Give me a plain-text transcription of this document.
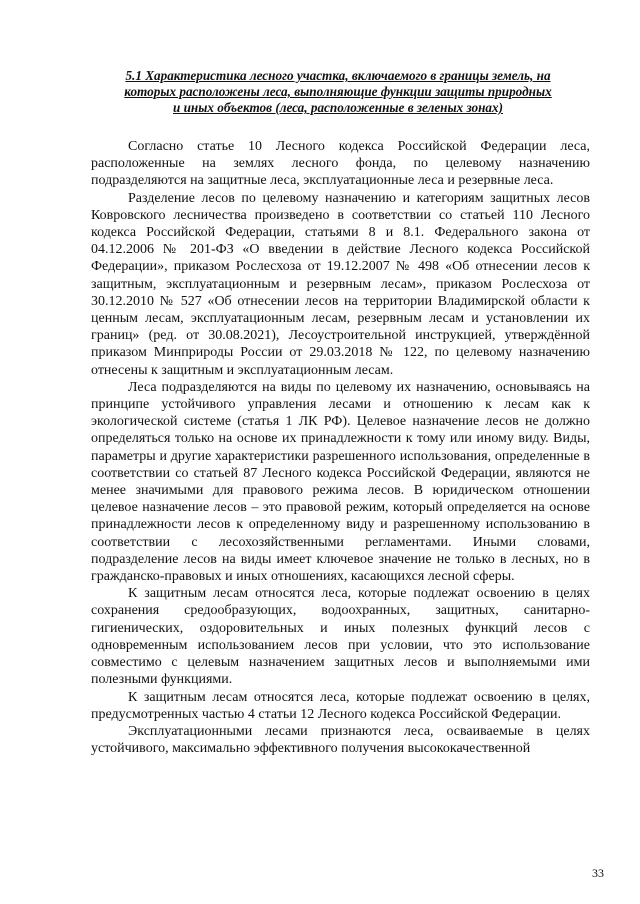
5.1 Характеристика лесного участка, включаемого в границы земель, на
которых расположены леса, выполняющие функции защиты природных
и иных объектов (леса, расположенные в зеленых зонах)

Согласно статье 10 Лесного кодекса Российской Федерации леса, расположенные на землях лесного фонда, по целевому назначению подразделяются на защитные леса, эксплуатационные леса и резервные леса.

Разделение лесов по целевому назначению и категориям защитных лесов Ковровского лесничества произведено в соответствии со статьей 110 Лесного кодекса Российской Федерации, статьями 8 и 8.1. Федерального закона от 04.12.2006 № 201-ФЗ «О введении в действие Лесного кодекса Российской Федерации», приказом Рослесхоза от 19.12.2007 № 498 «Об отнесении лесов к защитным, эксплуатационным и резервным лесам», приказом Рослесхоза от 30.12.2010 № 527 «Об отнесении лесов на территории Владимирской области к ценным лесам, эксплуатационным лесам, резервным лесам и установлении их границ» (ред. от 30.08.2021), Лесоустроительной инструкцией, утверждённой приказом Минприроды России от 29.03.2018 № 122, по целевому назначению отнесены к защитным и эксплуатационным лесам.

Леса подразделяются на виды по целевому их назначению, основываясь на принципе устойчивого управления лесами и отношению к лесам как к экологической системе (статья 1 ЛК РФ). Целевое назначение лесов не должно определяться только на основе их принадлежности к тому или иному виду. Виды, параметры и другие характеристики разрешенного использования, определенные в соответствии со статьей 87 Лесного кодекса Российской Федерации, являются не менее значимыми для правового режима лесов. В юридическом отношении целевое назначение лесов – это правовой режим, который определяется на основе принадлежности лесов к определенному виду и разрешенному использованию в соответствии с лесохозяйственными регламентами. Иными словами, подразделение лесов на виды имеет ключевое значение не только в лесных, но в гражданско-правовых и иных отношениях, касающихся лесной сферы.

К защитным лесам относятся леса, которые подлежат освоению в целях сохранения средообразующих, водоохранных, защитных, санитарно-гигиенических, оздоровительных и иных полезных функций лесов с одновременным использованием лесов при условии, что это использование совместимо с целевым назначением защитных лесов и выполняемыми ими полезными функциями.

К защитным лесам относятся леса, которые подлежат освоению в целях, предусмотренных частью 4 статьи 12 Лесного кодекса Российской Федерации.

Эксплуатационными лесами признаются леса, осваиваемые в целях устойчивого, максимально эффективного получения высококачественной

33
